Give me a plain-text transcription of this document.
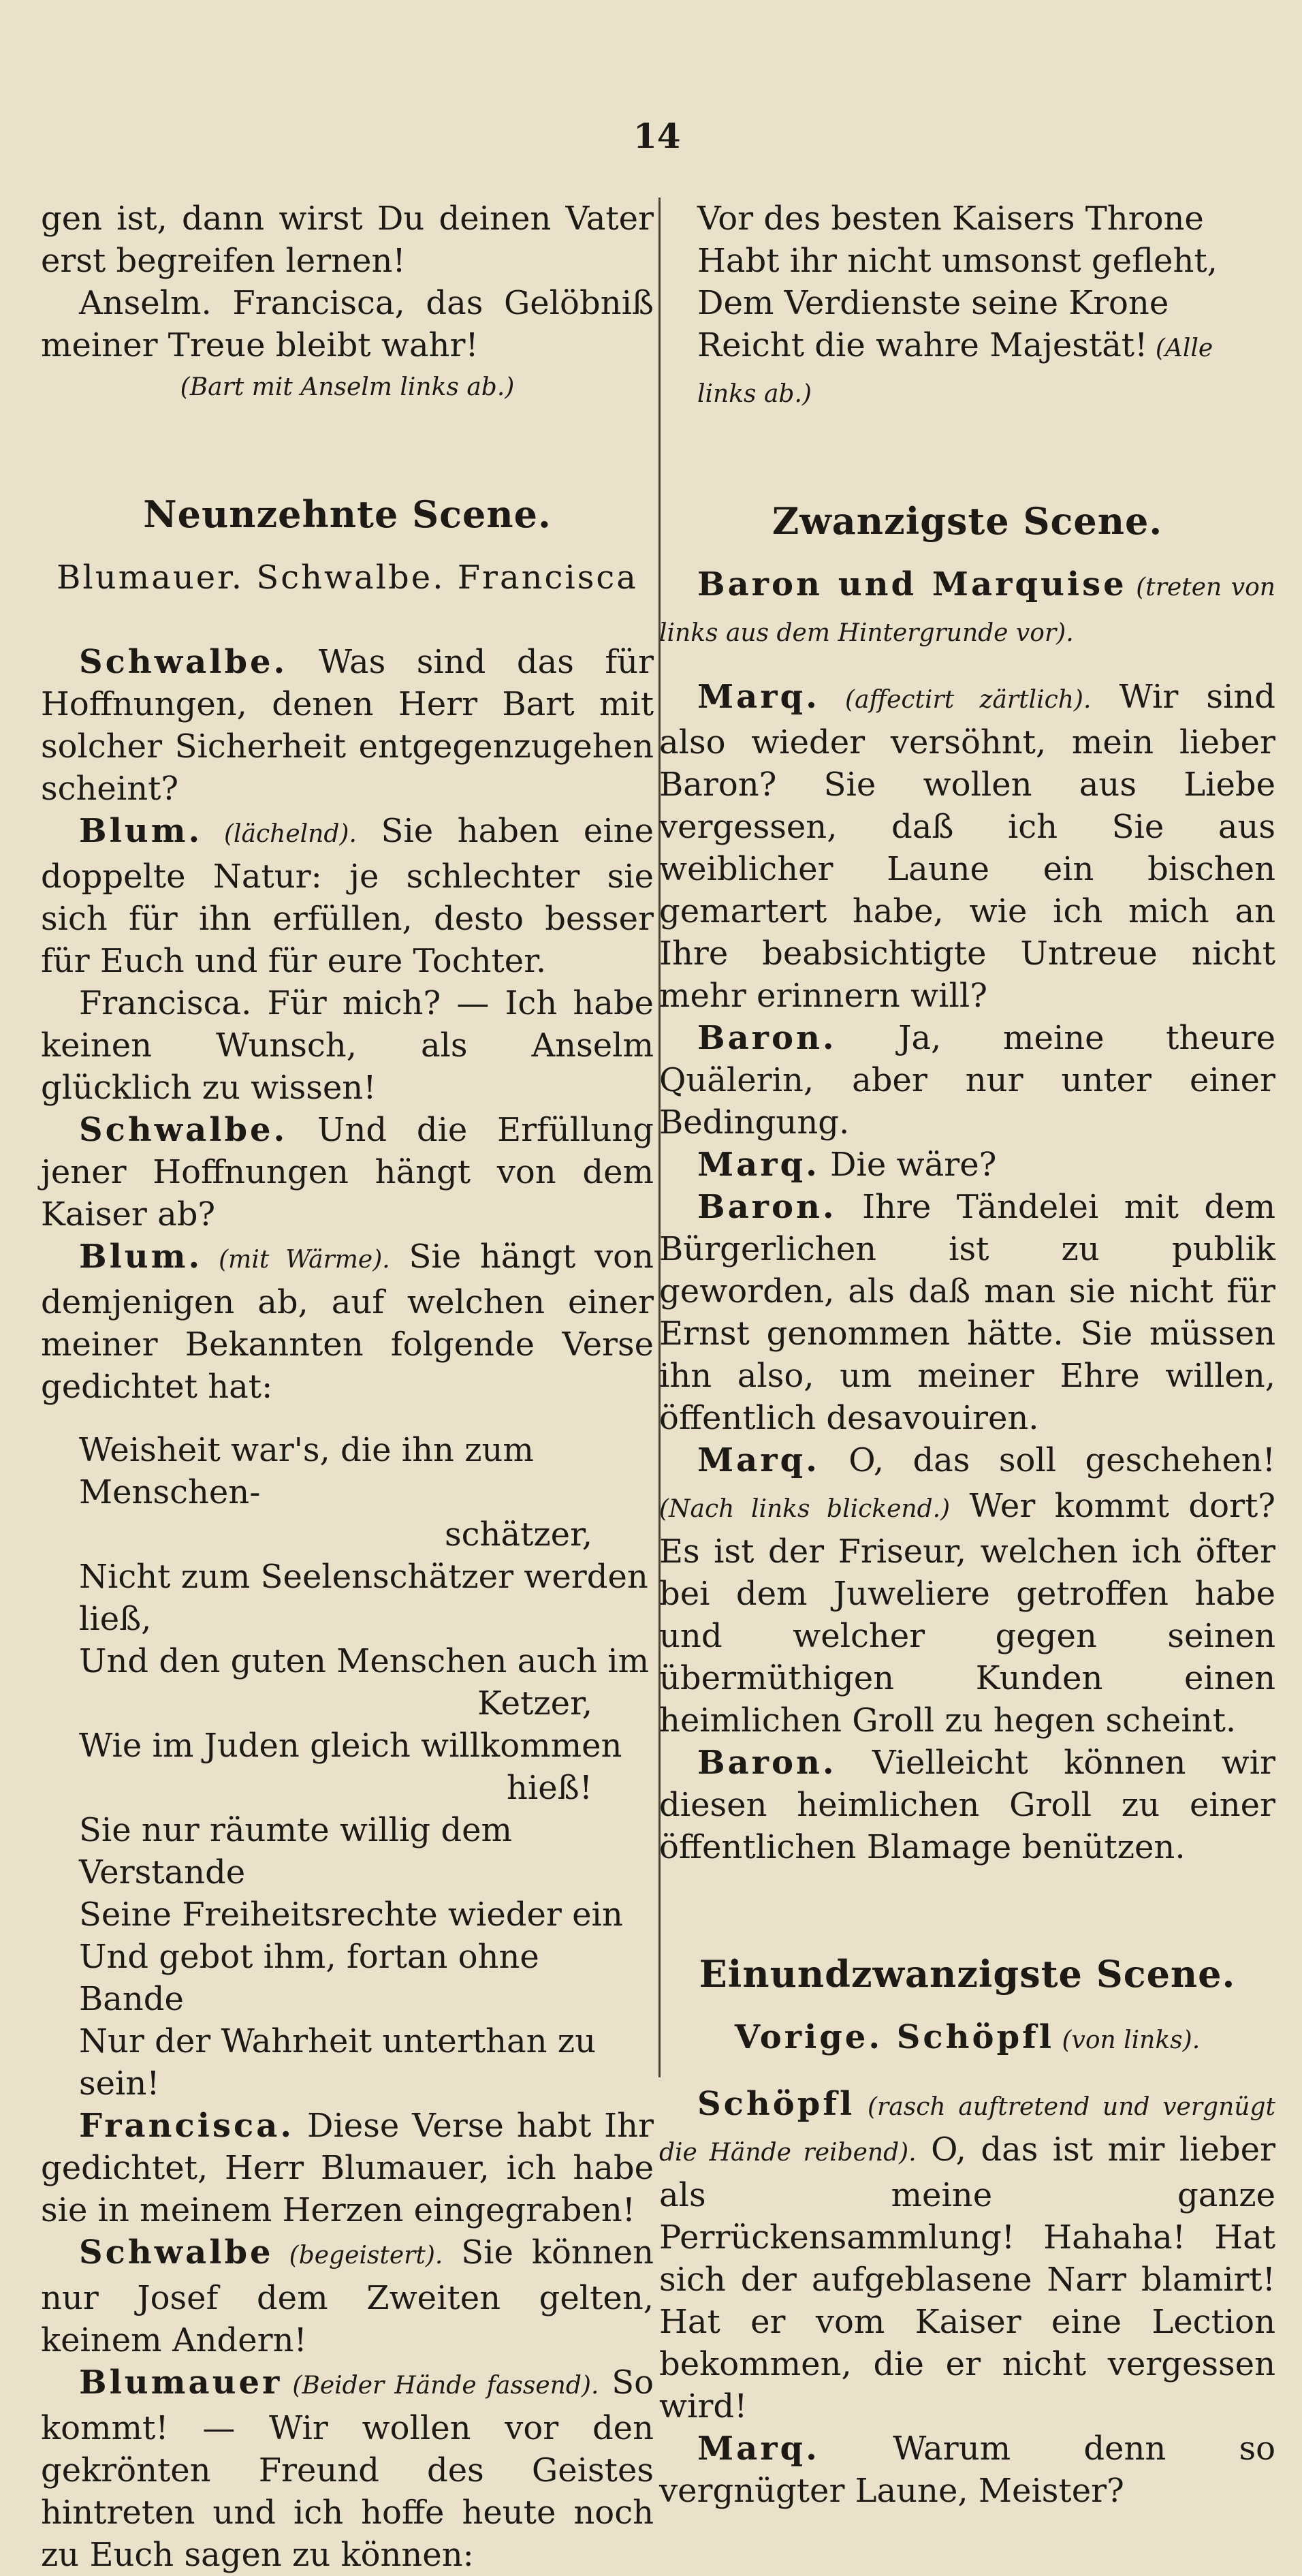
14

gen ist, dann wirst Du deinen Vater erst begreifen lernen!

Anselm. Francisca, das Gelöbniß meiner Treue bleibt wahr!

(Bart mit Anselm links ab.)

Neunzehnte Scene.

Blumauer. Schwalbe. Francisca

Schwalbe. Was sind das für Hoffnungen, denen Herr Bart mit solcher Sicherheit entgegenzugehen scheint?

Blum. (lächelnd). Sie haben eine doppelte Natur: je schlechter sie sich für ihn erfüllen, desto besser für Euch und für eure Tochter.

Francisca. Für mich? — Ich habe keinen Wunsch, als Anselm glücklich zu wissen!

Schwalbe. Und die Erfüllung jener Hoffnungen hängt von dem Kaiser ab?

Blum. (mit Wärme). Sie hängt von demjenigen ab, auf welchen einer meiner Bekannten folgende Verse gedichtet hat:

Weisheit war's, die ihn zum Menschen-

schätzer,

Nicht zum Seelenschätzer werden ließ,

Und den guten Menschen auch im

Ketzer,

Wie im Juden gleich willkommen

hieß!

Sie nur räumte willig dem Verstande

Seine Freiheitsrechte wieder ein

Und gebot ihm, fortan ohne Bande

Nur der Wahrheit unterthan zu sein!

Francisca. Diese Verse habt Ihr gedichtet, Herr Blumauer, ich habe sie in meinem Herzen eingegraben!

Schwalbe (begeistert). Sie können nur Josef dem Zweiten gelten, keinem Andern!

Blumauer (Beider Hände fassend). So kommt! — Wir wollen vor den gekrönten Freund des Geistes hintreten und ich hoffe heute noch zu Euch sagen zu können:

Vor des besten Kaisers Throne

Habt ihr nicht umsonst gefleht,

Dem Verdienste seine Krone

Reicht die wahre Majestät! (Alle links ab.)

Zwanzigste Scene.

Baron und Marquise (treten von links aus dem Hintergrunde vor).

Marq. (affectirt zärtlich). Wir sind also wieder versöhnt, mein lieber Baron? Sie wollen aus Liebe vergessen, daß ich Sie aus weiblicher Laune ein bischen gemartert habe, wie ich mich an Ihre beabsichtigte Untreue nicht mehr erinnern will?

Baron. Ja, meine theure Quälerin, aber nur unter einer Bedingung.

Marq. Die wäre?

Baron. Ihre Tändelei mit dem Bürgerlichen ist zu publik geworden, als daß man sie nicht für Ernst genommen hätte. Sie müssen ihn also, um meiner Ehre willen, öffentlich desavouiren.

Marq. O, das soll geschehen! (Nach links blickend.) Wer kommt dort? Es ist der Friseur, welchen ich öfter bei dem Juweliere getroffen habe und welcher gegen seinen übermüthigen Kunden einen heimlichen Groll zu hegen scheint.

Baron. Vielleicht können wir diesen heimlichen Groll zu einer öffentlichen Blamage benützen.

Einundzwanzigste Scene.

Vorige. Schöpfl (von links).

Schöpfl (rasch auftretend und vergnügt die Hände reibend). O, das ist mir lieber als meine ganze Perrückensammlung! Hahaha! Hat sich der aufgeblasene Narr blamirt! Hat er vom Kaiser eine Lection bekommen, die er nicht vergessen wird!

Marq. Warum denn so vergnügter Laune, Meister?
